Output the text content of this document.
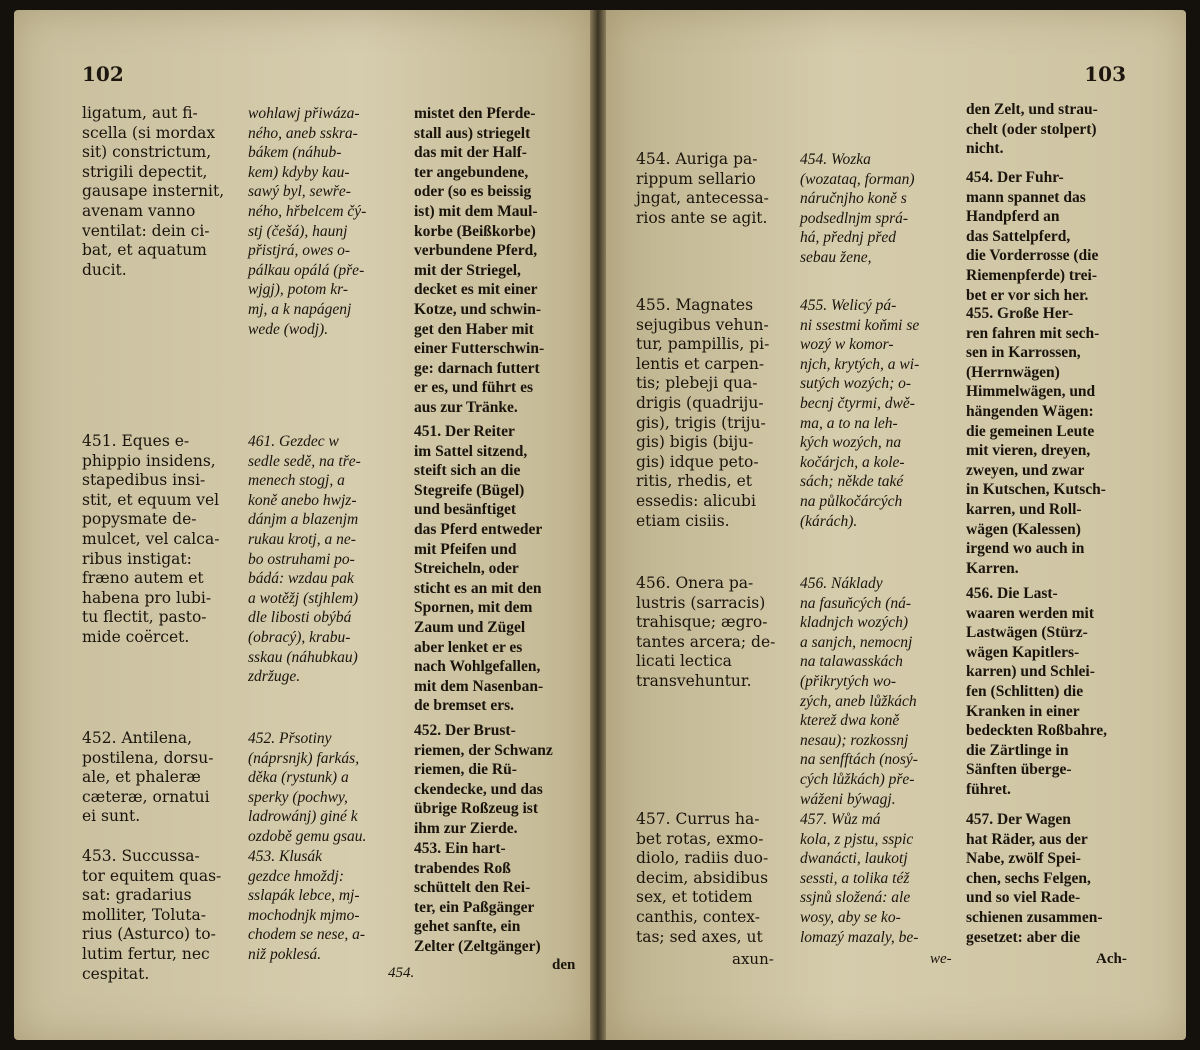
102
ligatum, aut fi-
scella (si mordax
sit) constrictum,
strigili depectit,
gausape insternit,
avenam vanno
ventilat: dein ci-
bat, et aquatum
ducit.
451. Eques e-
phippio insidens,
stapedibus insi-
stit, et equum vel
popysmate de-
mulcet, vel calca-
ribus instigat:
fræno autem et
habena pro lubi-
tu flectit, pasto-
mide coërcet.
452. Antilena,
postilena, dorsu-
ale, et phaleræ
cæteræ, ornatui
ei sunt.
453. Succussa-
tor equitem quas-
sat: gradarius
molliter, Toluta-
rius (Asturco) to-
lutim fertur, nec
cespitat.
wohlawj přiwáza-
ného, aneb sskra-
bákem (náhub-
kem) kdyby kau-
sawý byl, sewře-
ného, hřbelcem čý-
stj (češá), haunj
přistjrá, owes o-
pálkau opálá (pře-
wjgj), potom kr-
mj, a k napágenj
wede (wodj).
461. Gezdec w
sedle sedě, na tře-
menech stogj, a
koně anebo hwjz-
dánjm a blazenjm
rukau krotj, a ne-
bo ostruhami po-
bádá: wzdau pak
a wotěžj (stjhlem)
dle libosti obýbá
(obracý), krabu-
sskau (náhubkau)
zdržuge.
452. Přsotiny
(náprsnjk) farkás,
děka (rystunk) a
sperky (pochwy,
ladrowánj) giné k
ozdobě gemu gsau.
453. Klusák
gezdce hmoždj:
sslapák lebce, mj-
mochodnjk mjmo-
chodem se nese, a-
niž poklesá.
454.
mistet den Pferde-
stall aus) striegelt
das mit der Half-
ter angebundene,
oder (so es beissig
ist) mit dem Maul-
korbe (Beißkorbe)
verbundene Pferd,
mit der Striegel,
decket es mit einer
Kotze, und schwin-
get den Haber mit
einer Futterschwin-
ge: darnach futtert
er es, und führt es
aus zur Tränke.
451. Der Reiter
im Sattel sitzend,
steift sich an die
Stegreife (Bügel)
und besänftiget
das Pferd entweder
mit Pfeifen und
Streicheln, oder
sticht es an mit den
Spornen, mit dem
Zaum und Zügel
aber lenket er es
nach Wohlgefallen,
mit dem Nasenban-
de bremset ers.
452. Der Brust-
riemen, der Schwanz
riemen, die Rü-
ckendecke, und das
übrige Roßzeug ist
ihm zur Zierde.
453. Ein hart-
trabendes Roß
schüttelt den Rei-
ter, ein Paßgänger
gehet sanfte, ein
Zelter (Zeltgänger)
den
103
454. Auriga pa-
rippum sellario
jngat, antecessa-
rios ante se agit.
455. Magnates
sejugibus vehun-
tur, pampillis, pi-
lentis et carpen-
tis; plebeji qua-
drigis (quadriju-
gis), trigis (triju-
gis) bigis (biju-
gis) idque peto-
ritis, rhedis, et
essedis: alicubi
etiam cisiis.
456. Onera pa-
lustris (sarracis)
trahisque; ægro-
tantes arcera; de-
licati lectica
transvehuntur.
457. Currus ha-
bet rotas, exmo-
diolo, radiis duo-
decim, absidibus
sex, et totidem
canthis, contex-
tas; sed axes, ut
axun-
454. Wozka
(wozataq, forman)
náručnjho koně s
podsedlnjm sprá-
há, přednj před
sebau žene,
455. Welicý pá-
ni ssestmi koňmi se
wozý w komor-
njch, krytých, a wi-
sutých wozých; o-
becnj čtyrmi, dwě-
ma, a to na leh-
kých wozých, na
kočárjch, a kole-
sách; někde také
na půlkočárcých
(kárách).
456. Náklady
na fasuňcých (ná-
kladnjch wozých)
a sanjch, nemocnj
na talawasskách
(přikrytých wo-
zých, aneb lůžkách
kterež dwa koně
nesau); rozkossnj
na senfftách (nosý-
cých lůžkách) pře-
wáženi býwagj.
457. Wůz má
kola, z pjstu, sspic
dwanácti, laukotj
sessti, a tolika též
ssjnů složená: ale
wosy, aby se ko-
lomazý mazaly, be-
we-
den Zelt, und strau-
chelt (oder stolpert)
nicht.
454. Der Fuhr-
mann spannet das
Handpferd an
das Sattelpferd,
die Vorderrosse (die
Riemenpferde) trei-
bet er vor sich her.
455. Große Her-
ren fahren mit sech-
sen in Karrossen,
(Herrnwägen)
Himmelwägen, und
hängenden Wägen:
die gemeinen Leute
mit vieren, dreyen,
zweyen, und zwar
in Kutschen, Kutsch-
karren, und Roll-
wägen (Kalessen)
irgend wo auch in
Karren.
456. Die Last-
waaren werden mit
Lastwägen (Stürz-
wägen Kapitlers-
karren) und Schlei-
fen (Schlitten) die
Kranken in einer
bedeckten Roßbahre,
die Zärtlinge in
Sänften überge-
führet.
457. Der Wagen
hat Räder, aus der
Nabe, zwölf Spei-
chen, sechs Felgen,
und so viel Rade-
schienen zusammen-
gesetzet: aber die
Ach-
